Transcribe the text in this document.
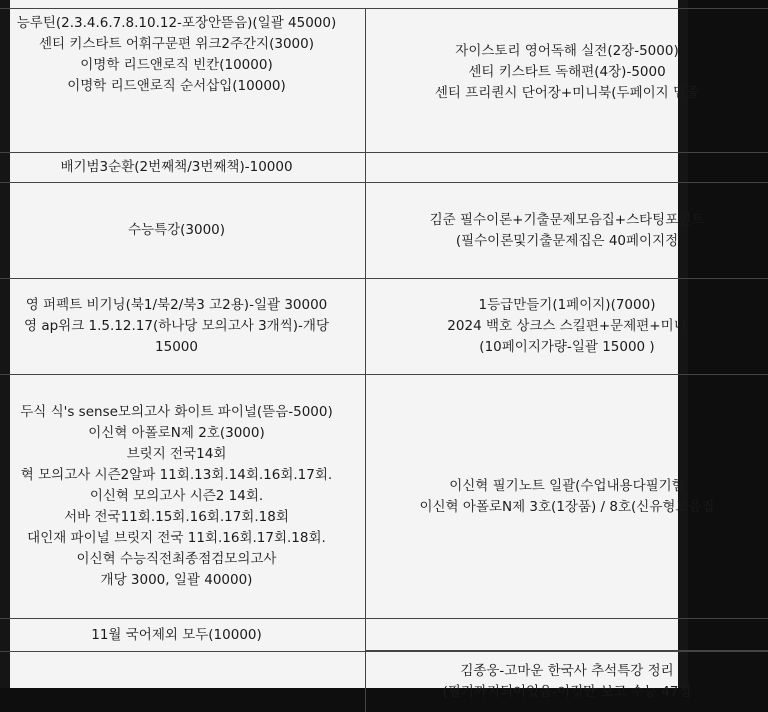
능루틴(2.3.4.6.7.8.10.12-포장안뜯음)(일괄 45000)
센티 키스타트 어휘구문편 위크2주간지(3000)
이명학 리드앤로직 빈칸(10000)
이명학 리드앤로직 순서삽입(10000)
자이스토리 영어독해 실전(2장-5000)
센티 키스타트 독해편(4장)-5000
센티 프리퀀시 단어장+미니북(두페이지 밑줄
배기범3순환(2번째책/3번째책)-10000
수능특강(3000)
김준 필수이론+기출문제모음집+스타팅포인트
(필수이론및기출문제집은 40페이지정
영 퍼펙트 비기닝(북1/북2/북3 고2용)-일괄 30000
영 ap위크 1.5.12.17(하나당 모의고사 3개씩)-개당
15000
1등급만들기(1페이지)(7000)
2024 백호 상크스 스킬편+문제편+미니
(10페이지가량-일괄 15000 )
두식 식's sense모의고사 화이트 파이널(뜯음-5000)
이신혁 아폴로N제 2호(3000)
브릿지 전국14회
혁 모의고사 시즌2알파 11회.13회.14회.16회.17회.
이신혁 모의고사 시즌2 14회.
서바 전국11회.15회.16회.17회.18회
대인재 파이널 브릿지 전국 11회.16회.17회.18회.
이신혁 수능직전최종점검모의고사
개당 3000, 일괄 40000)
이신혁 필기노트 일괄(수업내용다필기함
이신혁 아폴로N제 3호(1장품) / 8호(신유형모음집
11월 국어제외 모두(10000)
김종웅-고마운 한국사 추석특강 정리
(필기까지되어있음-이것만 보고 수능 47점
